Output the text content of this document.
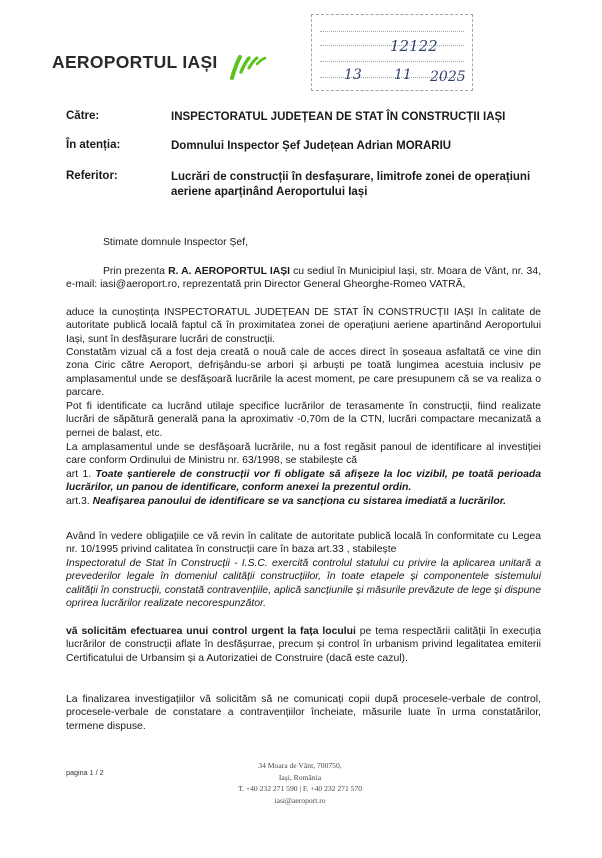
AEROPORTUL IAȘI
12122
13 11 2025
Către:	INSPECTORATUL JUDEȚEAN DE STAT ÎN CONSTRUCȚII IAȘI
În atenția:	Domnului Inspector Șef Județean Adrian MORARIU
Referitor:	Lucrări de construcții în desfașurare, limitrofe zonei de operațiuni aeriene aparținând Aeroportului Iași
Stimate domnule Inspector Șef,
Prin prezenta R. A. AEROPORTUL IAȘI cu sediul în Municipiul Iași, str. Moara de Vânt, nr. 34, e-mail: iasi@aeroport.ro, reprezentată prin Director General Gheorghe-Romeo VATRĂ,
aduce la cunoștința INSPECTORATUL JUDEȚEAN DE STAT ÎN CONSTRUCȚII IAȘI în calitate de autoritate publică locală faptul că în proximitatea zonei de operațiuni aeriene apartinând Aeroportului Iași, sunt în desfășurare lucrări de construcții.
Constatăm vizual că a fost deja creată o nouă cale de acces direct în șoseaua asfaltată ce vine din zona Ciric către Aeroport, defrișându-se arbori și arbuști pe toată lungimea acestuia inclusiv pe amplasamentul unde se desfășoară lucrările la acest moment, pe care presupunem că se va realiza o parcare.
Pot fi identificate ca lucrând utilaje specifice lucrărilor de terasamente în construcții, fiind realizate lucrări de săpătură generală pana la aproximativ -0,70m de la CTN, lucrări compactare mecanizată a pernei de balast, etc.
La amplasamentul unde se desfășoară lucrările, nu a fost regăsit panoul de identificare al investiției care conform Ordinului de Ministru nr. 63/1998, se stabilește că
art 1. Toate șantierele de construcții vor fi obligate să afișeze la loc vizibil, pe toată perioada lucrărilor, un panou de identificare, conform anexei la prezentul ordin.
art.3. Neafișarea panoului de identificare se va sancționa cu sistarea imediată a lucrărilor.
Având în vedere obligațiile ce vă revin în calitate de autoritate publică locală în conformitate cu Legea nr. 10/1995 privind calitatea în construcții care în baza art.33 , stabilește
Inspectoratul de Stat în Construcții - I.S.C. exercită controlul statului cu privire la aplicarea unitară a prevederilor legale în domeniul calității construcțiilor, în toate etapele și componentele sistemului calității în construcții, constată contravențiile, aplică sancțiunile și măsurile prevăzute de lege și dispune oprirea lucrărilor realizate necorespunzător.
vă solicităm efectuarea unui control urgent la fața locului pe tema respectării calității în execuția lucrărilor de construcții aflate în desfășurrae, precum și control în urbanism privind legalitatea emiterii Certificatului de Urbansim și a Autorizatiei de Construire (dacă este cazul).
La finalizarea investigațiilor vă solicităm să ne comunicați copii după procesele-verbale de control, procesele-verbale de constatare a contravențiilor încheiate, măsurile luate în urma constatărilor, termene dispuse.
pagina 1 / 2
34 Moara de Vânt, 700750,
Iași, România
T. +40 232 271 590 | F. +40 232 271 570
iasi@aeroport.ro
